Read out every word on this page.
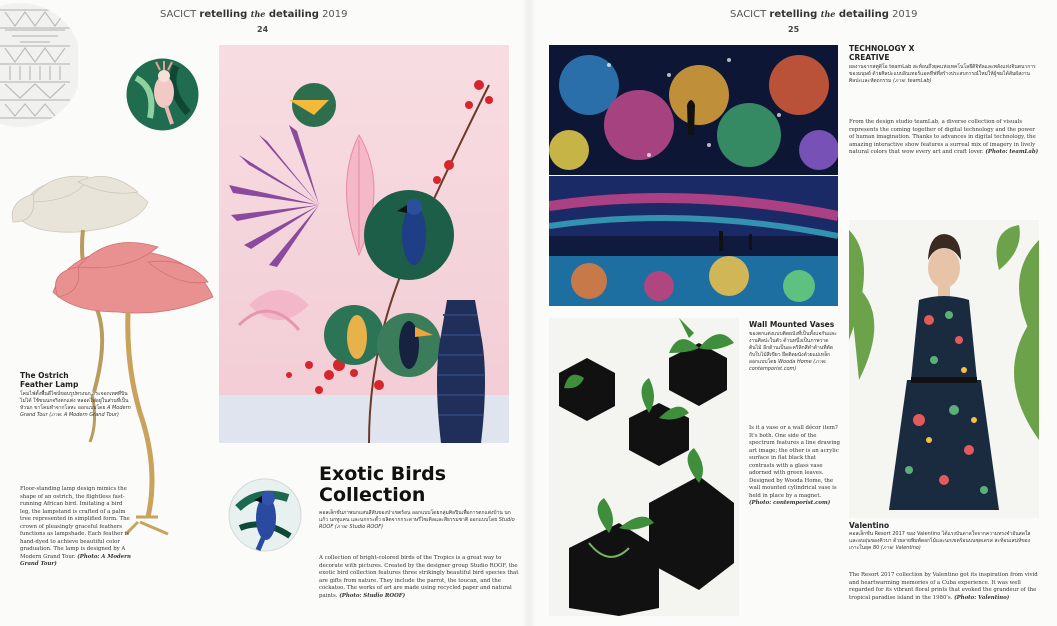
SACICT retelling the detailing 2019
24
The Ostrich
Feather Lamp
โคมไฟตั้งพื้นดีไซน์ขอบรูปทรงนก กระจอกเทศที่บินไม่ได้ ใช้ขนนกจริงตกแต่ง หลอดไฟอยู่ในส่วนที่เป็นหัวนก ขาโคมทำจากโลหะ ออกแบบโดย A Modern Grand Tour (ภาพ: A Modern Grand Tour)
Floor-standing lamp design mimics the shape of an ostrich, the flightless fast-running African bird. Imitating a bird leg, the lampstand is crafted of a palm tree represented in simplified form. The crown of pleasingly graceful feathers functions as lampshade. Each feather is hand-dyed to achieve beautiful color graduation. The lamp is designed by A Modern Grand Tour. (Photo: A Modern Grand Tour)
Exotic Birds
Collection
คอลเล็กชั่นภาพนกแสนสีสันของป่าเขตร้อน ออกแบบโดยกลุ่มศิลปินเพื่อการตกแต่งบ้าน นกแก้ว นกทูแคน และนกกระตั้ว ผลิตจากกระดาษรีไซเคิลและสีธรรมชาติ ออกแบบโดย Studio ROOF (ภาพ: Studio ROOF)
A collection of bright-colored birds of the Tropics is a great way to decorate with pictures. Created by the designer group Studio ROOF, the exotic bird collection features three strikingly beautiful bird species that are gifts from nature. They include the parrot, the toucan, and the cockatoo. The works of art are made using recycled paper and natural paints. (Photo: Studio ROOF)
SACICT retelling the detailing 2019
25
TECHNOLOGY X
CREATIVE
ผลงานจากสตูดิโอ teamLab สะท้อนถึงยุคแห่งเทคโนโลยีดิจิทัลและพลังแห่งจินตนาการของมนุษย์ ด้วยศิลปะแบบอินเทอร์แอคทีฟที่สร้างประสบการณ์ใหม่ให้ผู้ชมได้สัมผัสงานศิลปะและหัตถกรรม (ภาพ: teamLab)
From the design studio teamLab, a diverse collection of visuals represents the coming together of digital technology and the power of human imagination. Thanks to advances in digital technology, the amazing interactive show features a surreal mix of imagery in lively natural colors that wow every art and craft lover. (Photo: teamLab)
Wall Mounted Vases
ของตกแต่งแบบติดผนังที่เป็นทั้งแจกันและงานศิลปะในตัว ด้านหนึ่งเป็นภาพวาดต้นไม้ อีกด้านเป็นอะคริลิกสีดำด้านที่ตัดกับใบไม้สีเขียว ยึดติดผนังด้วยแม่เหล็ก ออกแบบโดย Wooda Home (ภาพ: contemporist.com)
Is it a vase or a wall décor item? It's both. One side of the spectrum features a line drawing art image; the other is an acrylic surface in flat black that contrasts with a glass vase adorned with green leaves. Designed by Wooda Home, the wall mounted cylindrical vase is held in place by a magnet. (Photo: contemporist.com)
Valentino
คอลเล็กชั่น Resort 2017 ของ Valentino ได้แรงบันดาลใจจากความทรงจำอันสดใสและอบอุ่นของคิวบา ด้วยลายพิมพ์ดอกไม้และนกเขตร้อนบนชุดเดรส สะท้อนเสน่ห์ของเกาะในยุค 80 (ภาพ: Valentino)
The Resort 2017 collection by Valentino got its inspiration from vivid and heartwarming memories of a Cuba experience. It was well regarded for its vibrant floral prints that evoked the grandeur of the tropical paradise island in the 1980's. (Photo: Valentino)
